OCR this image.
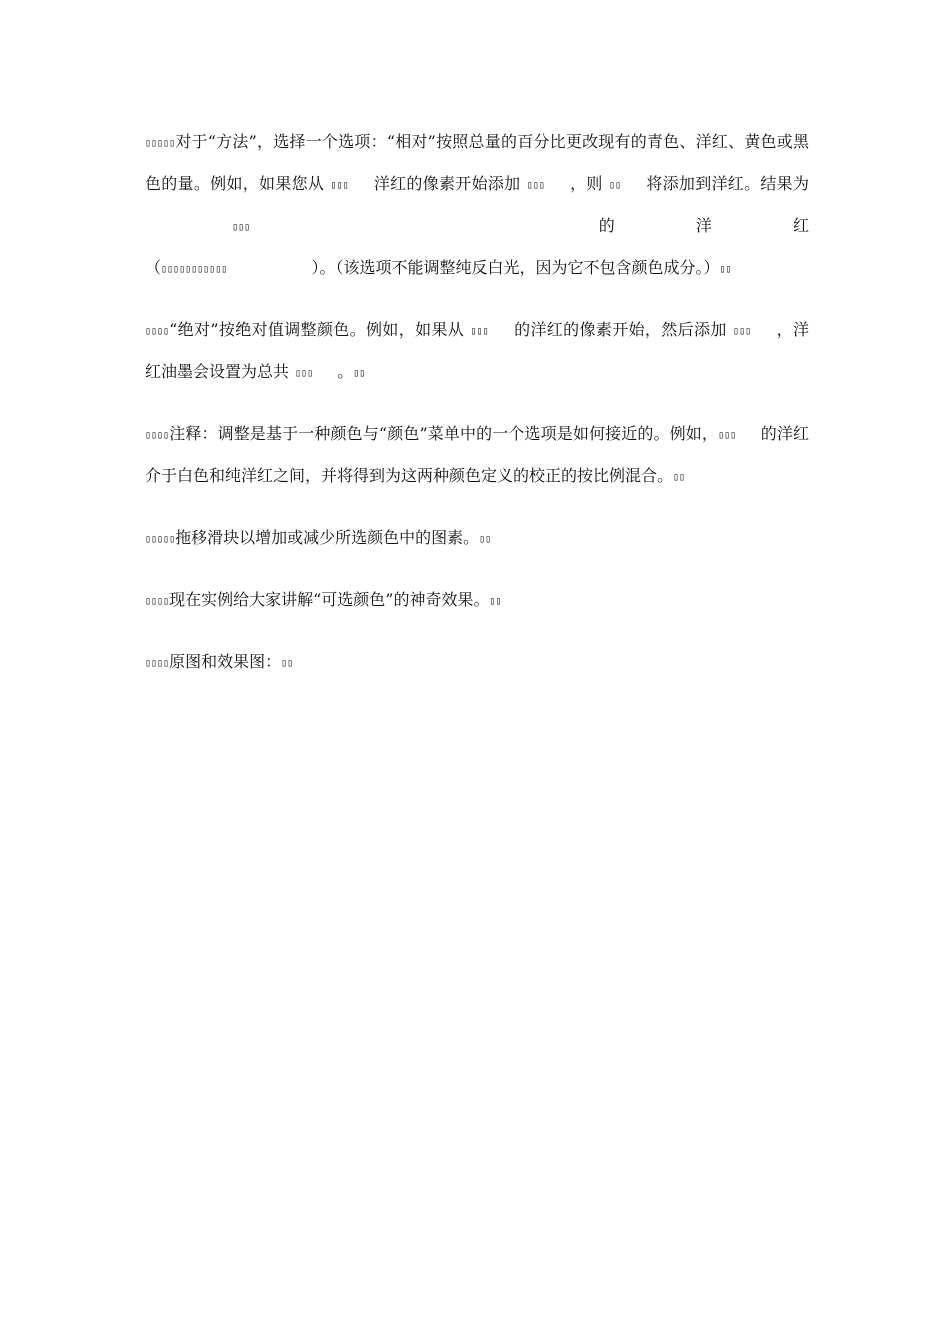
▯▯▯▯▯对于“方法”，选择一个选项：“相对”按照总量的百分比更改现有的青色、洋红、黄色或黑色的量。例如，如果您从 ▯▯▯    洋红的像素开始添加 ▯▯▯    ，则 ▯▯    将添加到洋红。结果为 ▯▯▯    的洋红（▯▯▯▯▯▯▯▯▯▯▯              ）。（该选项不能调整纯反白光，因为它不包含颜色成分。）▯▯

▯▯▯▯“绝对”按绝对值调整颜色。例如，如果从 ▯▯▯    的洋红的像素开始，然后添加 ▯▯▯    ，洋红油墨会设置为总共 ▯▯▯    。▯▯

▯▯▯▯注释：调整是基于一种颜色与“颜色”菜单中的一个选项是如何接近的。例如，▯▯▯    的洋红介于白色和纯洋红之间，并将得到为这两种颜色定义的校正的按比例混合。▯▯

▯▯▯▯▯拖移滑块以增加或减少所选颜色中的图素。▯▯

▯▯▯▯现在实例给大家讲解“可选颜色”的神奇效果。▯▯

▯▯▯▯原图和效果图：▯▯
